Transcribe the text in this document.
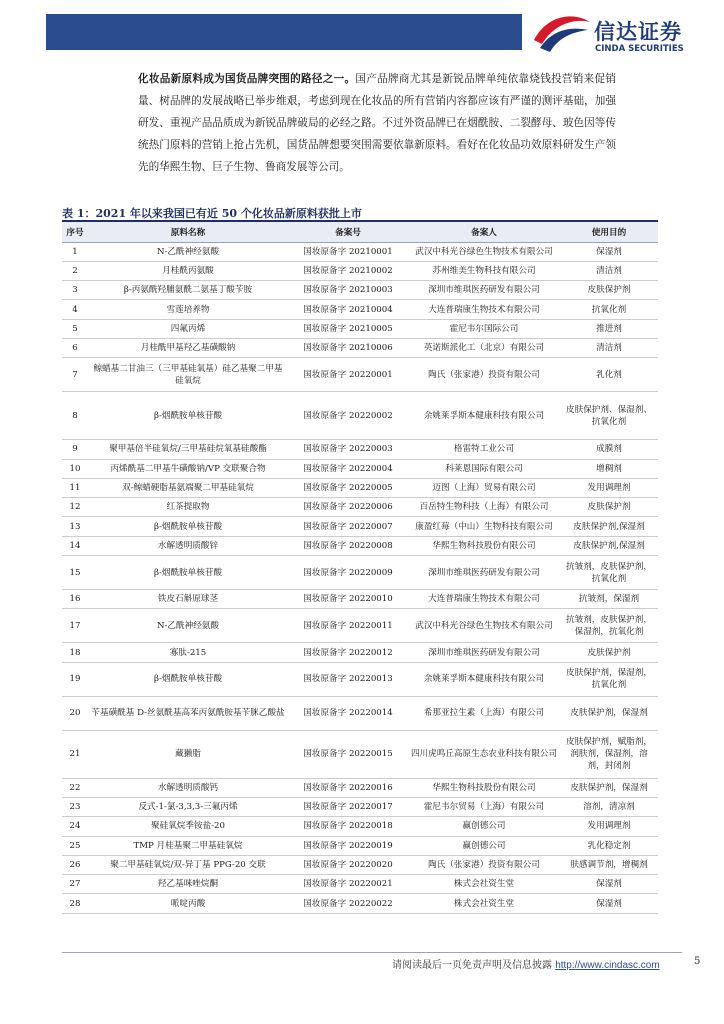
信达证券
CINDA SECURITIES

化妆品新原料成为国货品牌突围的路径之一。国产品牌商尤其是新锐品牌单纯依靠烧钱投营销来促销量、树品牌的发展战略已举步维艰，考虑到现在化妆品的所有营销内容都应该有严谨的测评基础，加强研发、重视产品品质成为新锐品牌破局的必经之路。不过外资品牌已在烟酰胺、二裂酵母、玻色因等传统热门原料的营销上抢占先机，国货品牌想要突围需要依靠新原料。看好在化妆品功效原料研发生产领先的华熙生物、巨子生物、鲁商发展等公司。

表 1：2021 年以来我国已有近 50 个化妆品新原料获批上市
序号	原料名称	备案号	备案人	使用目的
1	N-乙酰神经氨酸	国妆原备字 20210001	武汉中科光谷绿色生物技术有限公司	保湿剂
2	月桂酰丙氨酸	国妆原备字 20210002	苏州维美生物科技有限公司	清洁剂
3	β-丙氨酰羟脯氨酰二氨基丁酸苄胺	国妆原备字 20210003	深圳市维琪医药研发有限公司	皮肤保护剂
4	雪莲培养物	国妆原备字 20210004	大连普瑞康生物技术有限公司	抗氧化剂
5	四氟丙烯	国妆原备字 20210005	霍尼韦尔国际公司	推进剂
6	月桂酰甲基羟乙基磺酸钠	国妆原备字 20210006	英诺斯派化工（北京）有限公司	清洁剂
7	鲸蜡基二甘油三（三甲基硅氧基）硅乙基聚二甲基硅氧烷	国妆原备字 20220001	陶氏（张家港）投资有限公司	乳化剂
8	β-烟酰胺单核苷酸	国妆原备字 20220002	余姚莱孚斯本健康科技有限公司	皮肤保护剂、保湿剂、抗氧化剂
9	聚甲基倍半硅氧烷/三甲基硅烷氧基硅酸酯	国妆原备字 20220003	格雷特工业公司	成膜剂
10	丙烯酰基二甲基牛磺酸钠/VP 交联聚合物	国妆原备字 20220004	科莱恩国际有限公司	增稠剂
11	双-鲸蜡硬脂基氨端聚二甲基硅氧烷	国妆原备字 20220005	迈图（上海）贸易有限公司	发用调理剂
12	红茶提取物	国妆原备字 20220006	百岳特生物科技（上海）有限公司	皮肤保护剂
13	β-烟酰胺单核苷酸	国妆原备字 20220007	康盈红莓（中山）生物科技有限公司	皮肤保护剂,保湿剂
14	水解透明质酸锌	国妆原备字 20220008	华熙生物科技股份有限公司	皮肤保护剂,保湿剂
15	β-烟酰胺单核苷酸	国妆原备字 20220009	深圳市维琪医药研发有限公司	抗皱剂，皮肤保护剂，抗氧化剂
16	铁皮石斛原球茎	国妆原备字 20220010	大连普瑞康生物技术有限公司	抗皱剂，保湿剂
17	N-乙酰神经氨酸	国妆原备字 20220011	武汉中科光谷绿色生物技术有限公司	抗皱剂，皮肤保护剂，保湿剂，抗氧化剂
18	寡肽-215	国妆原备字 20220012	深圳市维琪医药研发有限公司	皮肤保护剂
19	β-烟酰胺单核苷酸	国妆原备字 20220013	余姚莱孚斯本健康科技有限公司	皮肤保护剂，保湿剂，抗氧化剂
20	苄基磺酰基 D-丝氨酰基高苯丙氨酰胺基苄脒乙酸盐	国妆原备字 20220014	希那亚拉生素（上海）有限公司	皮肤保护剂，保湿剂
21	藏獭脂	国妆原备字 20220015	四川虎鸣丘高原生态农业科技有限公司	皮肤保护剂，赋脂剂，润肤剂，保湿剂，溶剂，封闭剂
22	水解透明质酸钙	国妆原备字 20220016	华熙生物科技股份有限公司	皮肤保护剂，保湿剂
23	反式-1-氯-3,3,3-三氟丙烯	国妆原备字 20220017	霍尼韦尔贸易（上海）有限公司	溶剂，清凉剂
24	聚硅氧烷季铵盐-20	国妆原备字 20220018	赢创德公司	发用调理剂
25	TMP 月桂基聚二甲基硅氧烷	国妆原备字 20220019	赢创德公司	乳化稳定剂
26	聚二甲基硅氧烷/双-异丁基 PPG-20 交联	国妆原备字 20220020	陶氏（张家港）投资有限公司	肤感调节剂，增稠剂
27	羟乙基咪唑烷酮	国妆原备字 20220021	株式会社资生堂	保湿剂
28	哌啶丙酸	国妆原备字 20220022	株式会社资生堂	保湿剂
请阅读最后一页免责声明及信息披露 http://www.cindasc.com	5
